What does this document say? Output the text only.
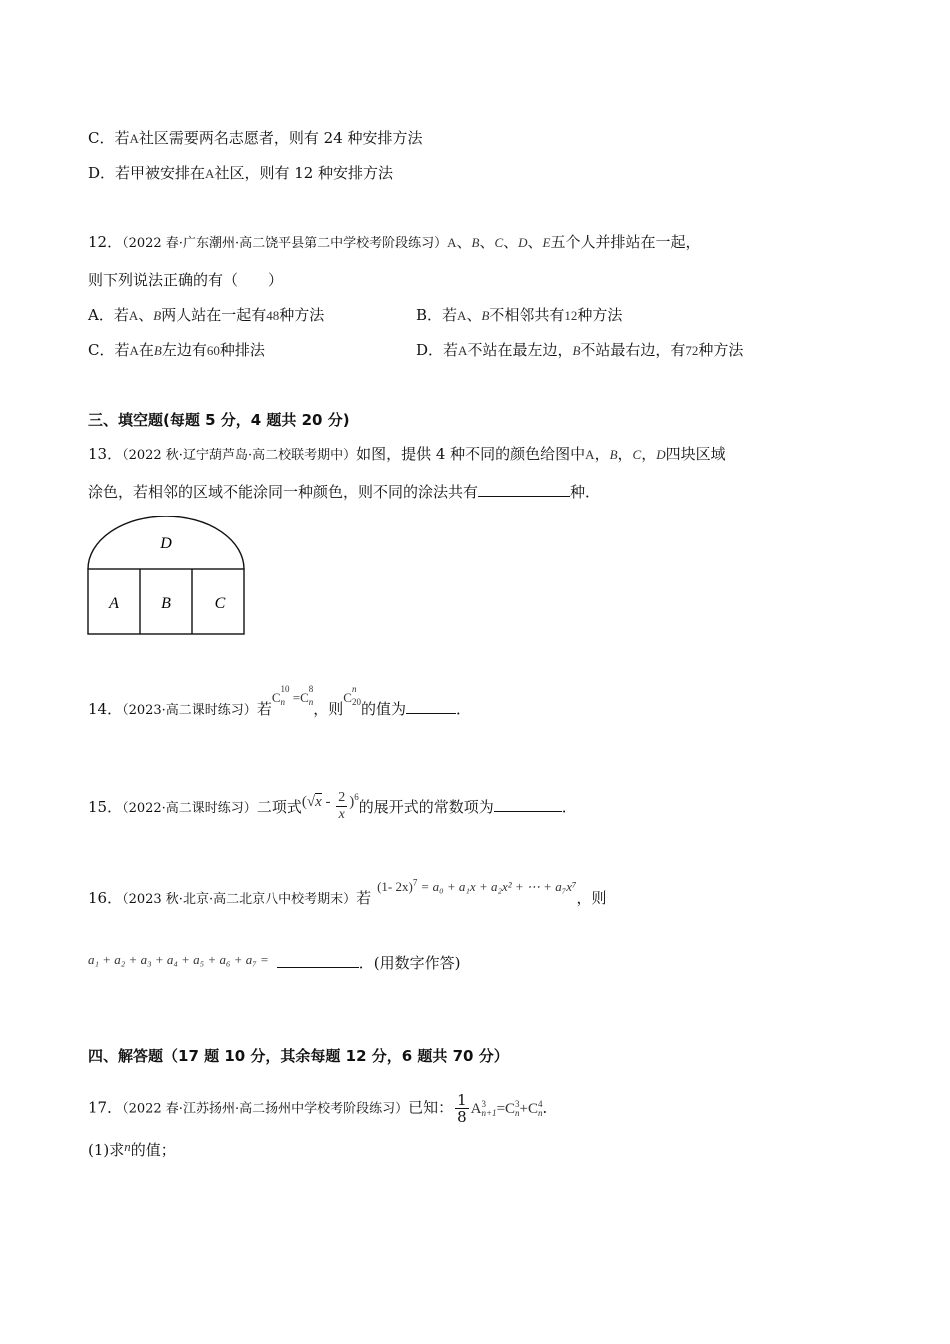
C．若A社区需要两名志愿者，则有 24 种安排方法
D．若甲被安排在A社区，则有 12 种安排方法
12．（2022 春·广东潮州·高二饶平县第二中学校考阶段练习）A、B、C、D、E五个人并排站在一起，
则下列说法正确的有（　　）
A．若A、B两人站在一起有48种方法	B．若A、B不相邻共有12种方法
C．若A在B左边有60种排法	D．若A不站在最左边，B不站最右边，有72种方法
三、填空题(每题 5 分，4 题共 20 分)
13．（2022 秋·辽宁葫芦岛·高二校联考期中）如图，提供 4 种不同的颜色给图中A，B，C，D四块区域
涂色，若相邻的区域不能涂同一种颜色，则不同的涂法共有	种．
D
A	B	C
14．（2023·高二课时练习）若C
$^{10}$
$_n$ =C
$^8$
$_n$ ，则C
$^n$
$_{20}$ 的值为	．
15．（2022·高二课时练习）二项式$(√x - \frac{2}{x} )^6$的展开式的常数项为	．
16．（2023 秋·北京·高二北京八中校考期末）若(1- 2x)$^7$ = a₀ + a₁x + a₂x² + ⋯ + a₇x⁷，则
a₁ + a₂ + a₃ + a₄ + a₅ + a₆ + a₇ =	．(用数字作答)
四、解答题（17 题 10 分，其余每题 12 分，6 题共 70 分）
17．（2022 春·江苏扬州·高二扬州中学校考阶段练习）已知： $\frac{1}{8}$ A 3
n+1 =C 3
n +C 4
n ．
(1)求n的值；
